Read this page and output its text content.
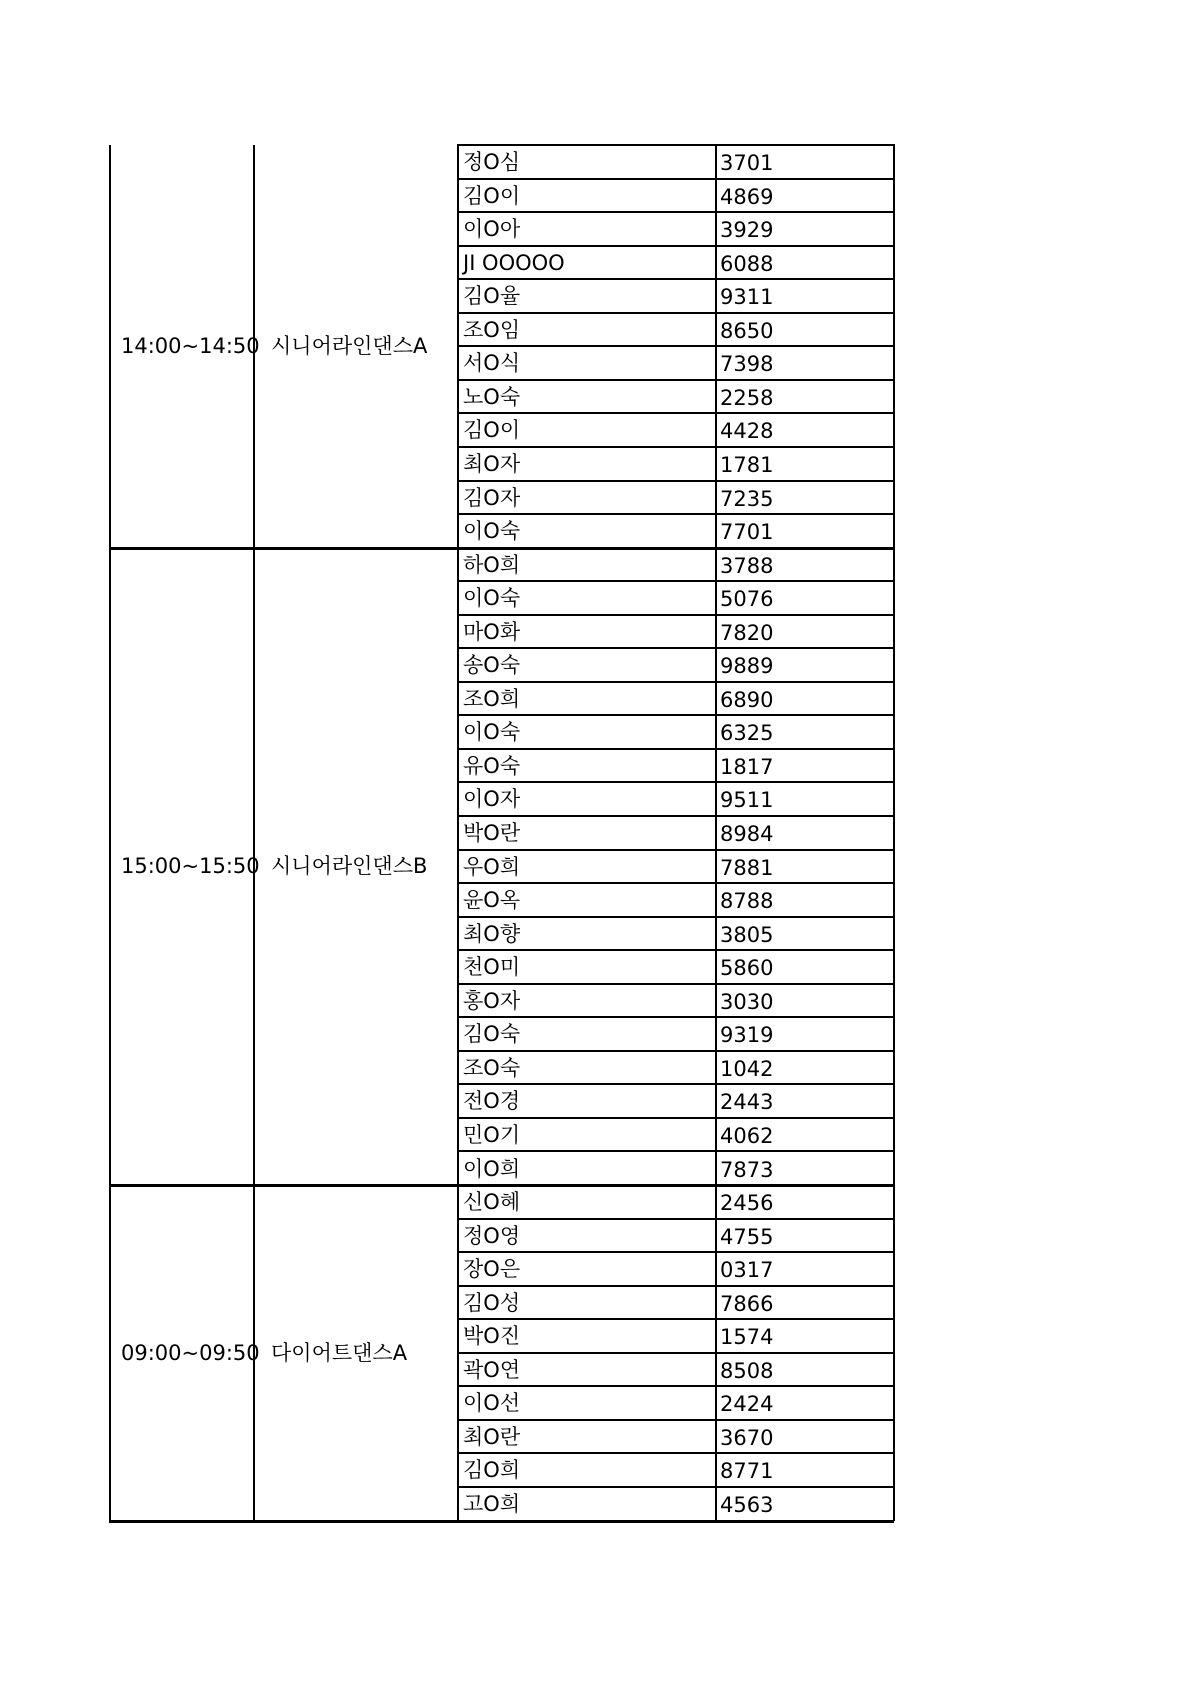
정O심	3701
김O이	4869
이O아	3929
JI OOOOO	6088
김O율	9311
조O임	8650
서O식	7398
노O숙	2258
김O이	4428
최O자	1781
김O자	7235
이O숙	7701
14:00~14:50 시니어라인댄스A
하O희	3788
이O숙	5076
마O화	7820
송O숙	9889
조O희	6890
이O숙	6325
유O숙	1817
이O자	9511
박O란	8984
우O희	7881
윤O옥	8788
최O향	3805
천O미	5860
홍O자	3030
김O숙	9319
조O숙	1042
전O경	2443
민O기	4062
이O희	7873
15:00~15:50 시니어라인댄스B
신O혜	2456
정O영	4755
장O은	0317
김O성	7866
박O진	1574
곽O연	8508
이O선	2424
최O란	3670
김O희	8771
고O희	4563
09:00~09:50 다이어트댄스A
